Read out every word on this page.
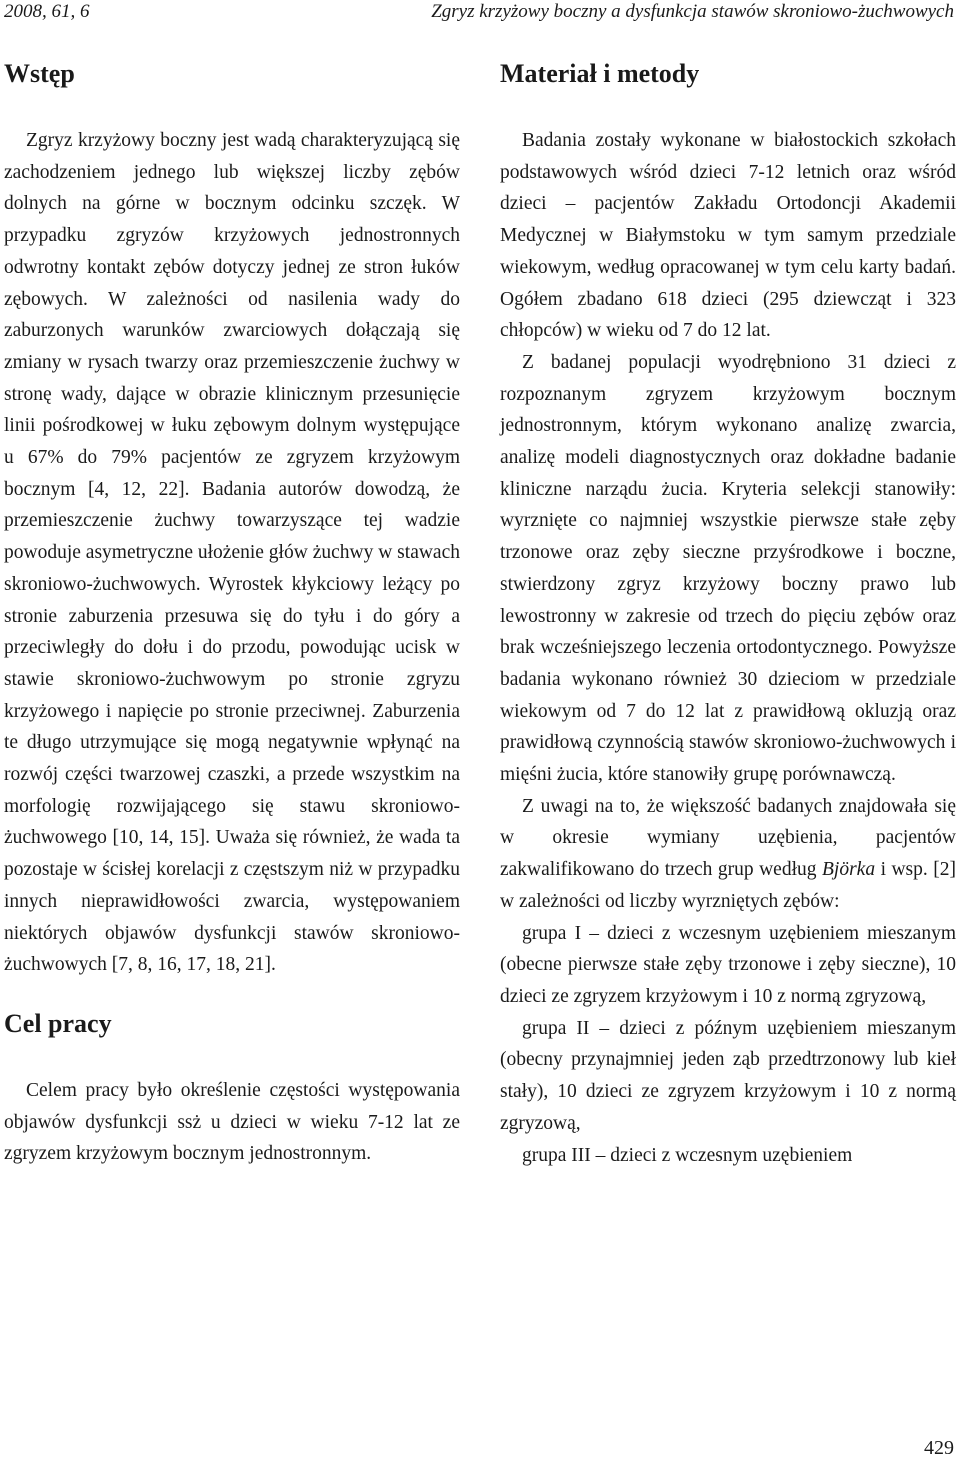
2008, 61, 6	Zgryz krzyżowy boczny a dysfunkcja stawów skroniowo-żuchwowych
Wstęp

Zgryz krzyżowy boczny jest wadą charakteryzującą się zachodzeniem jednego lub większej liczby zębów dolnych na górne w bocznym odcinku szczęk. W przypadku zgryzów krzyżowych jednostronnych odwrotny kontakt zębów dotyczy jednej ze stron łuków zębowych. W zależności od nasilenia wady do zaburzonych warunków zwarciowych dołączają się zmiany w rysach twarzy oraz przemieszczenie żuchwy w stronę wady, dające w obrazie klinicznym przesunięcie linii pośrodkowej w łuku zębowym dolnym występujące u 67% do 79% pacjentów ze zgryzem krzyżowym bocznym [4, 12, 22]. Badania autorów dowodzą, że przemieszczenie żuchwy towarzyszące tej wadzie powoduje asymetryczne ułożenie głów żuchwy w stawach skroniowo-żuchwowych. Wyrostek kłykciowy leżący po stronie zaburzenia przesuwa się do tyłu i do góry a przeciwległy do dołu i do przodu, powodując ucisk w stawie skroniowo-żuchwowym po stronie zgryzu krzyżowego i napięcie po stronie przeciwnej. Zaburzenia te długo utrzymujące się mogą negatywnie wpłynąć na rozwój części twarzowej czaszki, a przede wszystkim na morfologię rozwijającego się stawu skroniowo-żuchwowego [10, 14, 15]. Uważa się również, że wada ta pozostaje w ścisłej korelacji z częstszym niż w przypadku innych nieprawidłowości zwarcia, występowaniem niektórych objawów dysfunkcji stawów skroniowo-żuchwowych [7, 8, 16, 17, 18, 21].

Cel pracy

Celem pracy było określenie częstości występowania objawów dysfunkcji ssż u dzieci w wieku 7-12 lat ze zgryzem krzyżowym bocznym jednostronnym.

Materiał i metody

Badania zostały wykonane w białostockich szkołach podstawowych wśród dzieci 7-12 letnich oraz wśród dzieci – pacjentów Zakładu Ortodoncji Akademii Medycznej w Białymstoku w tym samym przedziale wiekowym, według opracowanej w tym celu karty badań. Ogółem zbadano 618 dzieci (295 dziewcząt i 323 chłopców) w wieku od 7 do 12 lat.

Z badanej populacji wyodrębniono 31 dzieci z rozpoznanym zgryzem krzyżowym bocznym jednostronnym, którym wykonano analizę zwarcia, analizę modeli diagnostycznych oraz dokładne badanie kliniczne narządu żucia. Kryteria selekcji stanowiły: wyrznięte co najmniej wszystkie pierwsze stałe zęby trzonowe oraz zęby sieczne przyśrodkowe i boczne, stwierdzony zgryz krzyżowy boczny prawo lub lewostronny w zakresie od trzech do pięciu zębów oraz brak wcześniejszego leczenia ortodontycznego. Powyższe badania wykonano również 30 dzieciom w przedziale wiekowym od 7 do 12 lat z prawidłową okluzją oraz prawidłową czynnością stawów skroniowo-żuchwowych i mięśni żucia, które stanowiły grupę porównawczą.

Z uwagi na to, że większość badanych znajdowała się w okresie wymiany uzębienia, pacjentów zakwalifikowano do trzech grup według Björka i wsp. [2] w zależności od liczby wyrzniętych zębów:

grupa I – dzieci z wczesnym uzębieniem mieszanym (obecne pierwsze stałe zęby trzonowe i zęby sieczne), 10 dzieci ze zgryzem krzyżowym i 10 z normą zgryzową,

grupa II – dzieci z późnym uzębieniem mieszanym (obecny przynajmniej jeden ząb przedtrzonowy lub kieł stały), 10 dzieci ze zgryzem krzyżowym i 10 z normą zgryzową,

grupa III – dzieci z wczesnym uzębieniem

429
